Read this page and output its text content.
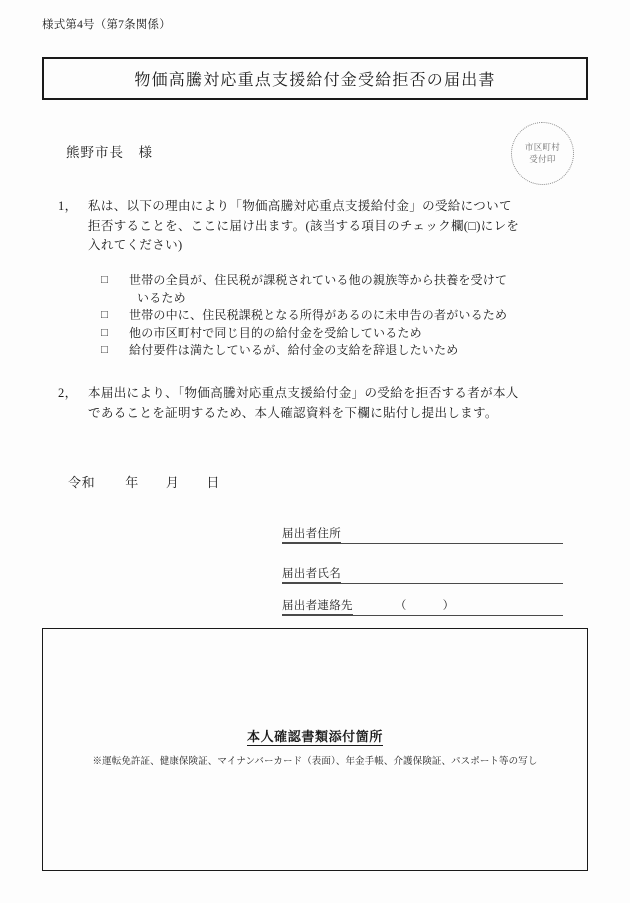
様式第4号（第7条関係）
物価高騰対応重点支援給付金受給拒否の届出書
熊野市長　様	市区町村
受付印
1， 私は、以下の理由により「物価高騰対応重点支援給付金」の受給について
拒否することを、ここに届け出ます。(該当する項目のチェック欄(□)にレを
入れてください)
□	世帯の全員が、住民税が課税されている他の親族等から扶養を受けて
いるため
□	世帯の中に、住民税課税となる所得があるのに未申告の者がいるため
□	他の市区町村で同じ目的の給付金を受給しているため
□	給付要件は満たしているが、給付金の支給を辞退したいため
2， 本届出により、「物価高騰対応重点支援給付金」の受給を拒否する者が本人
であることを証明するため、本人確認資料を下欄に貼付し提出します。
令和 年 月 日
届出者住所
届出者氏名
届出者連絡先	（	）
本人確認書類添付箇所
※運転免許証、健康保険証、マイナンバーカード（表面）、年金手帳、介護保険証、パスポート等の写し
